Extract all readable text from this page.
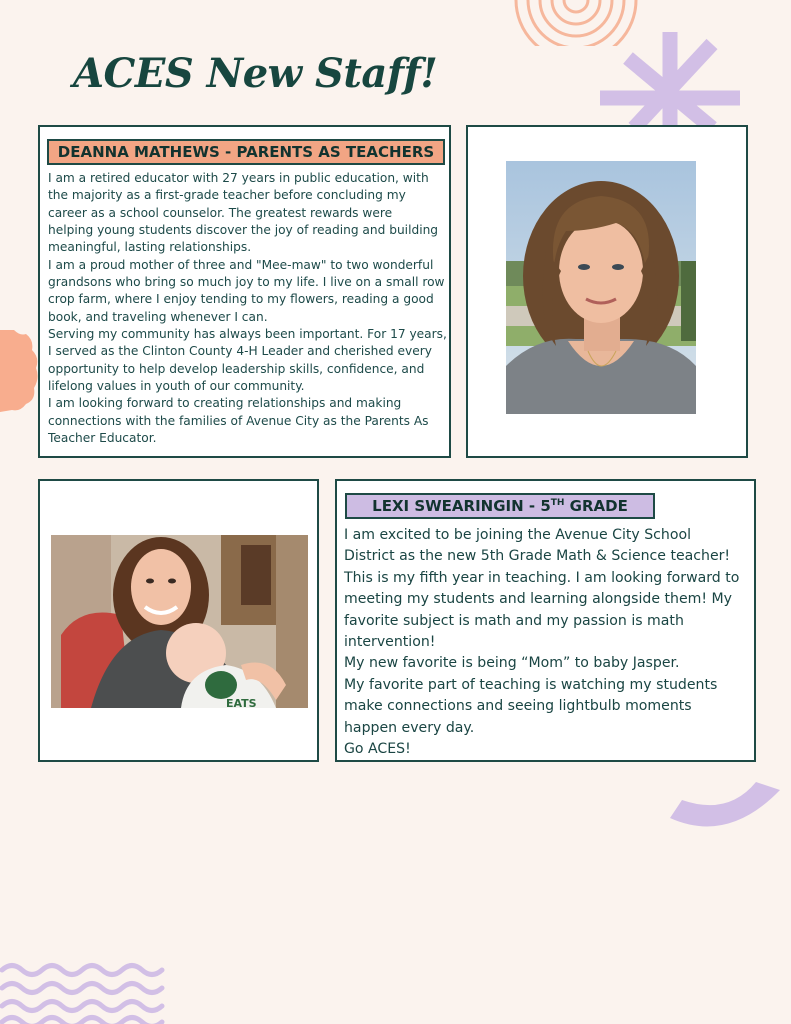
ACES New Staff!
DEANNA MATHEWS - PARENTS AS TEACHERS
I am a retired educator with 27 years in public education, with
the majority as a first-grade teacher before concluding my
career as a school counselor. The greatest rewards were
helping young students discover the joy of reading and building
meaningful, lasting relationships.
I am a proud mother of three and "Mee-maw" to two wonderful
grandsons who bring so much joy to my life. I live on a small row
crop farm, where I enjoy tending to my flowers, reading a good
book, and traveling whenever I can.
Serving my community has always been important. For 17 years,
I served as the Clinton County 4-H Leader and cherished every
opportunity to help develop leadership skills, confidence, and
lifelong values in youth of our community.
I am looking forward to creating relationships and making
connections with the families of Avenue City as the Parents As
Teacher Educator.
EATS
LEXI SWEARINGIN - 5TH GRADE
I am excited to be joining the Avenue City School
District as the new 5th Grade Math & Science teacher!
This is my fifth year in teaching. I am looking forward to
meeting my students and learning alongside them! My
favorite subject is math and my passion is math
intervention!
My new favorite is being “Mom” to baby Jasper.
My favorite part of teaching is watching my students
make connections and seeing lightbulb moments
happen every day.
Go ACES!
